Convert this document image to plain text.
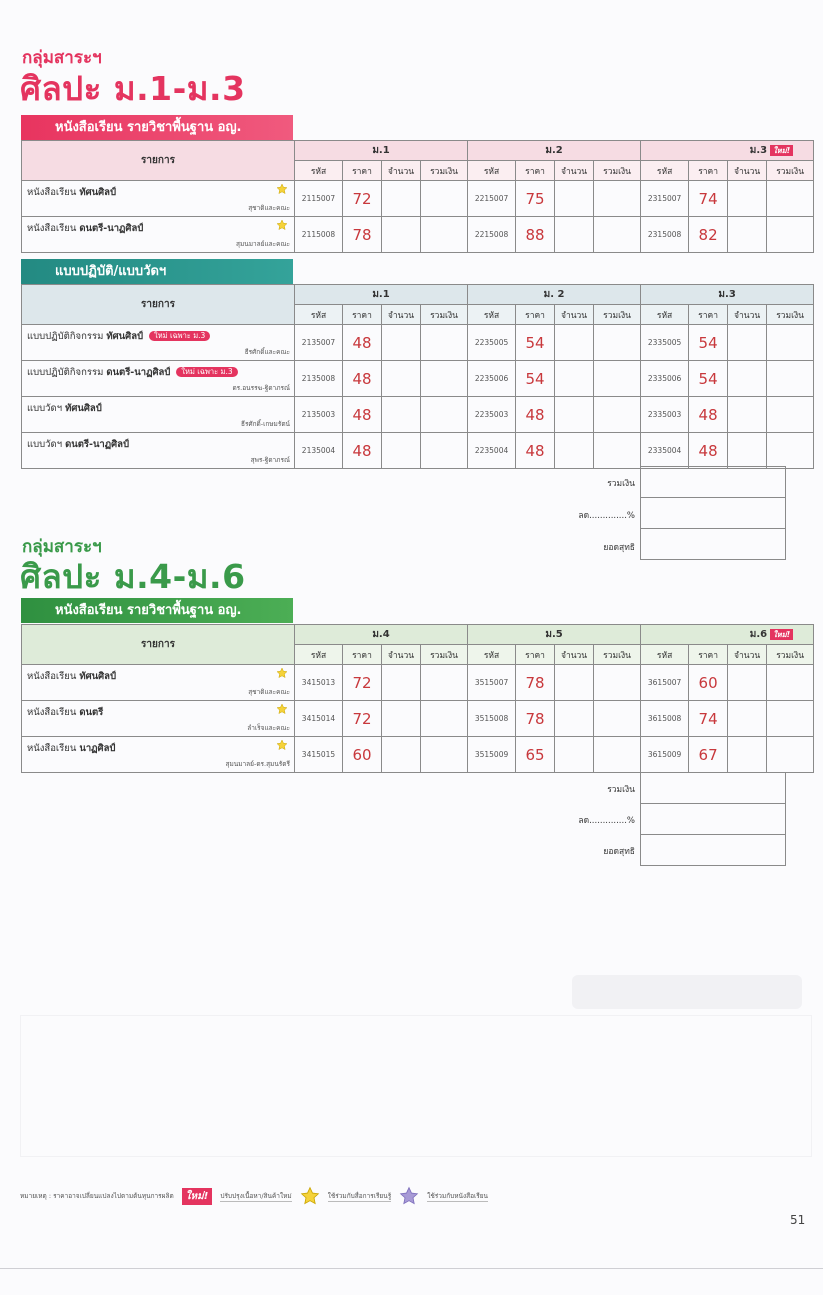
กลุ่มสาระฯ
ศิลปะ ม.1-ม.3
หนังสือเรียน รายวิชาพื้นฐาน อญ.
รายการ	ม.1				ม.2				ม.3 ใหม่!			
	รหัส	ราคา	จำนวน	รวมเงิน	รหัส	ราคา	จำนวน	รวมเงิน	รหัส	ราคา	จำนวน	รวมเงิน

หนังสือเรียน ทัศนศิลป์
สุชาติและคณะ	2115007	72			2215007	75			2315007	74		

หนังสือเรียน ดนตรี-นาฏศิลป์
สุมนมาลย์และคณะ	2115008	78			2215008	88			2315008	82		
แบบปฏิบัติ/แบบวัดฯ
รายการ	ม.1				ม. 2				ม.3			
	รหัส	ราคา	จำนวน	รวมเงิน	รหัส	ราคา	จำนวน	รวมเงิน	รหัส	ราคา	จำนวน	รวมเงิน

แบบปฏิบัติกิจกรรม ทัศนศิลป์ ใหม่ เฉพาะ ม.3
ธีรศักดิ์และคณะ	2135007	48			2235005	54			2335005	54		

แบบปฏิบัติกิจกรรม ดนตรี-นาฏศิลป์ ใหม่ เฉพาะ ม.3
ดร.อนรรฆ-ฐิดาภรณ์	2135008	48			2235006	54			2335006	54		

แบบวัดฯ ทัศนศิลป์
ธีรศักดิ์-เกษมรัตน์	2135003	48			2235003	48			2335003	48		

แบบวัดฯ ดนตรี-นาฏศิลป์
สุพร-ฐิดาภรณ์	2135004	48			2235004	48			2335004	48		
รวมเงิน
ลด..............%
ยอดสุทธิ
กลุ่มสาระฯ
ศิลปะ ม.4-ม.6
หนังสือเรียน รายวิชาพื้นฐาน อญ.
รายการ	ม.4				ม.5				ม.6 ใหม่!			
	รหัส	ราคา	จำนวน	รวมเงิน	รหัส	ราคา	จำนวน	รวมเงิน	รหัส	ราคา	จำนวน	รวมเงิน

หนังสือเรียน ทัศนศิลป์
สุชาติและคณะ	3415013	72			3515007	78			3615007	60		

หนังสือเรียน ดนตรี
ลำเร็จและคณะ	3415014	72			3515008	78			3615008	74		

หนังสือเรียน นาฏศิลป์
สุมนมาลย์-ดร.สุมนรัตรี	3415015	60			3515009	65			3615009	67		
รวมเงิน
ลด..............%
ยอดสุทธิ
หมายเหตุ : ราคาอาจเปลี่ยนแปลงไปตามต้นทุนการผลิต	ใหม่!	ปรับปรุงเนื้อหา/สินค้าใหม่	ใช้ร่วมกับสื่อการเรียนรู้	ใช้ร่วมกับหนังสือเรียน
51
